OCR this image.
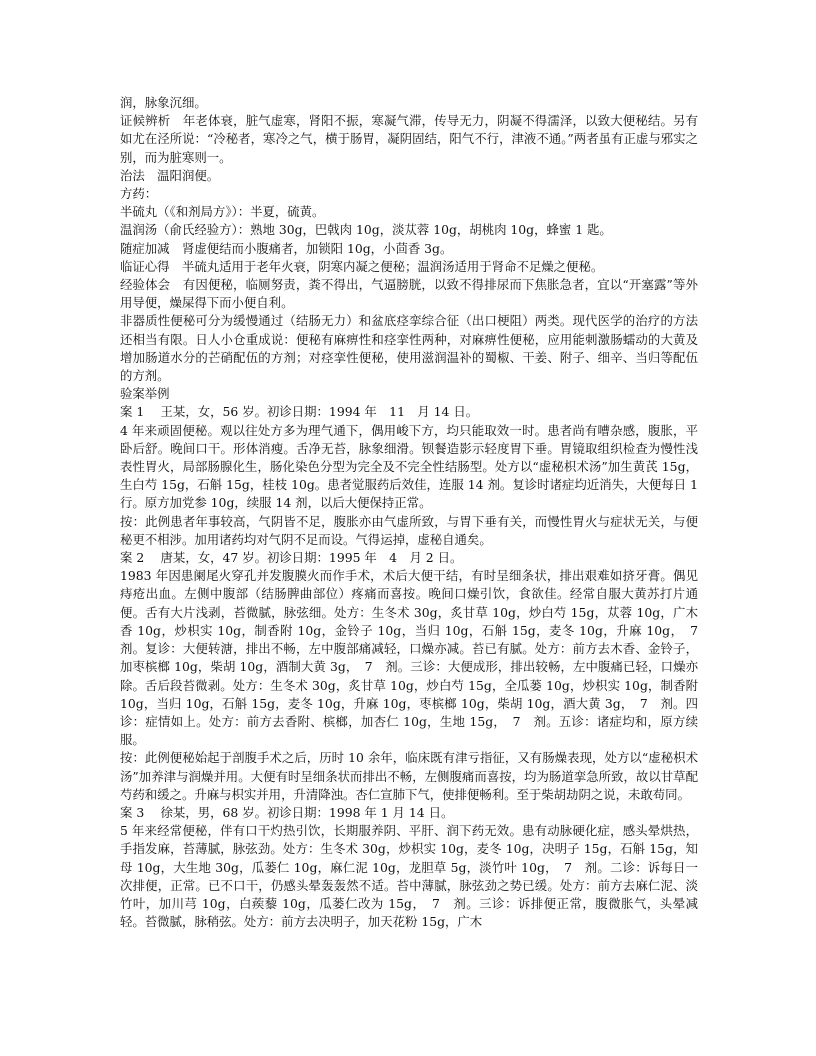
润，脉象沉细。

证候辨析　年老体衰，脏气虚寒，肾阳不振，寒凝气滞，传导无力，阴凝不得濡泽，以致大便秘结。另有如尤在泾所说：“冷秘者，寒冷之气，横于肠胃，凝阴固结，阳气不行，津液不通。”两者虽有正虚与邪实之别，而为脏寒则一。

治法　温阳润便。

方药：

半硫丸（《和剂局方》）：半夏，硫黄。

温润汤（俞氏经验方）：熟地 30g，巴戟肉 10g，淡苁蓉 10g，胡桃肉 10g，蜂蜜 1 匙。

随症加减　肾虚便结而小腹痛者，加锁阳 10g，小茴香 3g。

临证心得　半硫丸适用于老年火衰，阴寒内凝之便秘；温润汤适用于肾命不足燥之便秘。

经验体会　有因便秘，临厕努责，粪不得出，气逼膀胱，以致不得排尿而下焦胀急者，宜以“开塞露”等外用导便，燥屎得下而小便自利。

非器质性便秘可分为缓慢通过（结肠无力）和盆底痉挛综合征（出口梗阻）两类。现代医学的治疗的方法还相当有限。日人小仓重成说：便秘有麻痹性和痉挛性两种，对麻痹性便秘，应用能刺激肠蠕动的大黄及增加肠道水分的芒硝配伍的方剂；对痉挛性便秘，使用滋润温补的蜀椒、干姜、附子、细辛、当归等配伍的方剂。

验案举例

案 1　 王某，女，56 岁。初诊日期：1994 年　11　月 14 日。

4 年来顽固便秘。观以往处方多为理气通下，偶用峻下方，均只能取效一时。患者尚有嘈杂感，腹胀，平卧后舒。晚间口干。形体消瘦。舌净无苔，脉象细滑。钡餐造影示轻度胃下垂。胃镜取组织检查为慢性浅表性胃火，局部肠腺化生，肠化染色分型为完全及不完全性结肠型。处方以“虚秘枳术汤”加生黄芪 15g，生白芍 15g，石斛 15g，桂枝 10g。患者觉服药后效佳，连服 14 剂。复诊时诸症均近消失，大便每日 1 行。原方加党参 10g，续服 14 剂，以后大便保持正常。

按：此例患者年事较高，气阴皆不足，腹胀亦由气虚所致，与胃下垂有关，而慢性胃火与症状无关，与便秘更不相涉。加用诸药均对气阴不足而设。气得运掉，虚秘自通矣。

案 2　 唐某，女，47 岁。初诊日期：1995 年　4　月 2 日。

1983 年因患阑尾火穿孔并发腹膜火而作手术，术后大便干结，有时呈细条状，排出艰难如挤牙膏。偶见痔疮出血。左侧中腹部（结肠脾曲部位）疼痛而喜按。晚间口燥引饮，食欲佳。经常自服大黄苏打片通便。舌有大片浅剥，苔微腻，脉弦细。处方：生冬术 30g，炙甘草 10g，炒白芍 15g，苁蓉 10g，广木香 10g，炒枳实 10g，制香附 10g，金铃子 10g，当归 10g，石斛 15g，麦冬 10g，升麻 10g，　7　剂。复诊：大便转溏，排出不畅，左中腹部痛减轻，口燥亦减。苔已有腻。处方：前方去木香、金铃子，加枣槟榔 10g，柴胡 10g，酒制大黄 3g，　7　剂。三诊：大便成形，排出较畅，左中腹痛已轻，口燥亦除。舌后段苔微剥。处方：生冬术 30g，炙甘草 10g，炒白芍 15g，全瓜蒌 10g，炒枳实 10g，制香附 10g，当归 10g，石斛 15g，麦冬 10g，升麻 10g，枣槟榔 10g，柴胡 10g，酒大黄 3g，　7　剂。四诊：症情如上。处方：前方去香附、槟榔，加杏仁 10g，生地 15g，　7　剂。五诊：诸症均和，原方续服。

按：此例便秘始起于剖腹手术之后，历时 10 余年，临床既有津亏指征，又有肠燥表现，处方以“虚秘枳术汤”加养津与润燥并用。大便有时呈细条状而排出不畅，左侧腹痛而喜按，均为肠道挛急所致，故以甘草配芍药和缓之。升麻与枳实并用，升清降浊。杏仁宣肺下气，使排便畅利。至于柴胡劫阴之说，未敢苟同。

案 3　 徐某，男，68 岁。初诊日期：1998 年 1 月 14 日。

5 年来经常便秘，伴有口干灼热引饮，长期服养阴、平肝、润下药无效。患有动脉硬化症，感头晕烘热，手指发麻，苔薄腻，脉弦劲。处方：生冬术 30g，炒枳实 10g，麦冬 10g，决明子 15g，石斛 15g，知母 10g，大生地 30g，瓜蒌仁 10g，麻仁泥 10g，龙胆草 5g，淡竹叶 10g，　7　剂。二诊：诉每日一次排便，正常。已不口干，仍感头晕轰轰然不适。苔中薄腻，脉弦劲之势已缓。处方：前方去麻仁泥、淡竹叶，加川芎 10g，白蒺藜 10g，瓜蒌仁改为 15g，　7　剂。三诊：诉排便正常，腹微胀气，头晕减轻。苔微腻，脉稍弦。处方：前方去决明子，加天花粉 15g，广木
